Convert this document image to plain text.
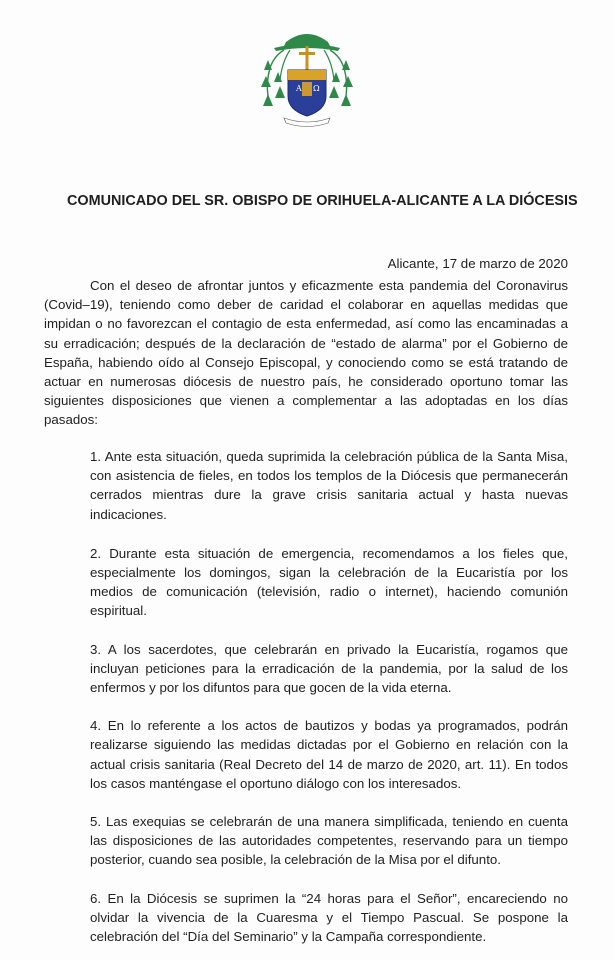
A Ω
COMUNICADO DEL SR. OBISPO DE ORIHUELA-ALICANTE A LA DIÓCESIS
Alicante, 17 de marzo de 2020

Con el deseo de afrontar juntos y eficazmente esta pandemia del Coronavirus (Covid–19), teniendo como deber de caridad el colaborar en aquellas medidas que impidan o no favorezcan el contagio de esta enfermedad, así como las encaminadas a su erradicación; después de la declaración de “estado de alarma” por el Gobierno de España, habiendo oído al Consejo Episcopal, y conociendo como se está tratando de actuar en numerosas diócesis de nuestro país, he considerado oportuno tomar las siguientes disposiciones que vienen a complementar a las adoptadas en los días pasados:

1. Ante esta situación, queda suprimida la celebración pública de la Santa Misa, con asistencia de fieles, en todos los templos de la Diócesis que permanecerán cerrados mientras dure la grave crisis sanitaria actual y hasta nuevas indicaciones.
2. Durante esta situación de emergencia, recomendamos a los fieles que, especialmente los domingos, sigan la celebración de la Eucaristía por los medios de comunicación (televisión, radio o internet), haciendo comunión espiritual.
3. A los sacerdotes, que celebrarán en privado la Eucaristía, rogamos que incluyan peticiones para la erradicación de la pandemia, por la salud de los enfermos y por los difuntos para que gocen de la vida eterna.
4. En lo referente a los actos de bautizos y bodas ya programados, podrán realizarse siguiendo las medidas dictadas por el Gobierno en relación con la actual crisis sanitaria (Real Decreto del 14 de marzo de 2020, art. 11). En todos los casos manténgase el oportuno diálogo con los interesados.
5. Las exequias se celebrarán de una manera simplificada, teniendo en cuenta las disposiciones de las autoridades competentes, reservando para un tiempo posterior, cuando sea posible, la celebración de la Misa por el difunto.
6. En la Diócesis se suprimen la “24 horas para el Señor”, encareciendo no olvidar la vivencia de la Cuaresma y el Tiempo Pascual. Se pospone la celebración del “Día del Seminario” y la Campaña correspondiente.
